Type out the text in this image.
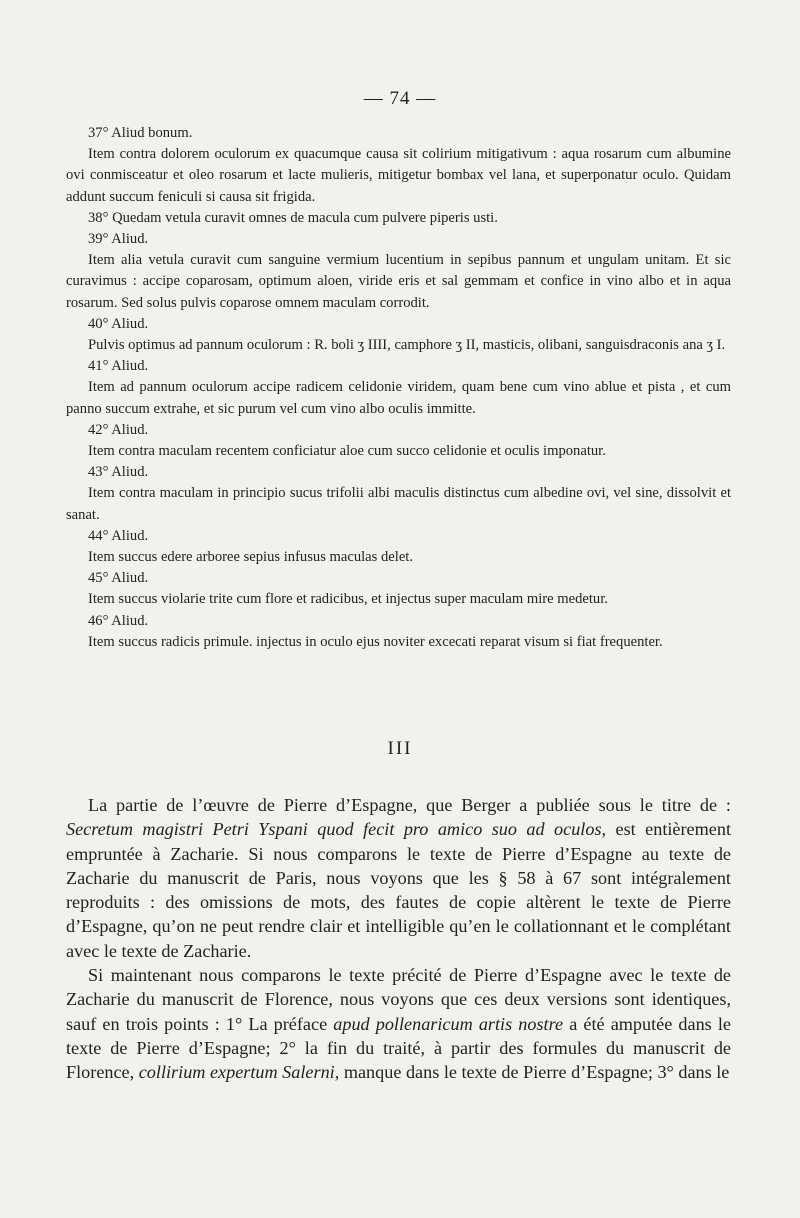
— 74 —

37° Aliud bonum.

Item contra dolorem oculorum ex quacumque causa sit colirium mitigativum : aqua rosarum cum albumine ovi conmisceatur et oleo rosarum et lacte mulieris, mitigetur bombax vel lana, et superponatur oculo. Quidam addunt succum feniculi si causa sit frigida.

38° Quedam vetula curavit omnes de macula cum pulvere piperis usti.

39° Aliud.

Item alia vetula curavit cum sanguine vermium lucentium in sepibus pannum et ungulam unitam. Et sic curavimus : accipe coparosam, optimum aloen, viride eris et sal gemmam et confice in vino albo et in aqua rosarum. Sed solus pulvis coparose omnem maculam corrodit.

40° Aliud.

Pulvis optimus ad pannum oculorum : R. boli ʒ IIII, camphore ʒ II, masticis, olibani, sanguisdraconis ana ʒ I.

41° Aliud.

Item ad pannum oculorum accipe radicem celidonie viridem, quam bene cum vino ablue et pista , et cum panno succum extrahe, et sic purum vel cum vino albo oculis immitte.

42° Aliud.

Item contra maculam recentem conficiatur aloe cum succo celidonie et oculis imponatur.

43° Aliud.

Item contra maculam in principio sucus trifolii albi maculis distinctus cum albedine ovi, vel sine, dissolvit et sanat.

44° Aliud.

Item succus edere arboree sepius infusus maculas delet.

45° Aliud.

Item succus violarie trite cum flore et radicibus, et injectus super maculam mire medetur.

46° Aliud.

Item succus radicis primule. injectus in oculo ejus noviter excecati reparat visum si fiat frequenter.

III

La partie de l’œuvre de Pierre d’Espagne, que Berger a publiée sous le titre de : Secretum magistri Petri Yspani quod fecit pro amico suo ad oculos, est entièrement empruntée à Zacharie. Si nous comparons le texte de Pierre d’Espagne au texte de Zacharie du manuscrit de Paris, nous voyons que les § 58 à 67 sont intégralement reproduits : des omissions de mots, des fautes de copie altèrent le texte de Pierre d’Espagne, qu’on ne peut rendre clair et intelligible qu’en le collationnant et le complétant avec le texte de Zacharie.

Si maintenant nous comparons le texte précité de Pierre d’Espagne avec le texte de Zacharie du manuscrit de Florence, nous voyons que ces deux versions sont identiques, sauf en trois points : 1° La préface apud pollenaricum artis nostre a été amputée dans le texte de Pierre d’Espagne; 2° la fin du traité, à partir des formules du manuscrit de Florence, collirium expertum Salerni, manque dans le texte de Pierre d’Espagne; 3° dans le
